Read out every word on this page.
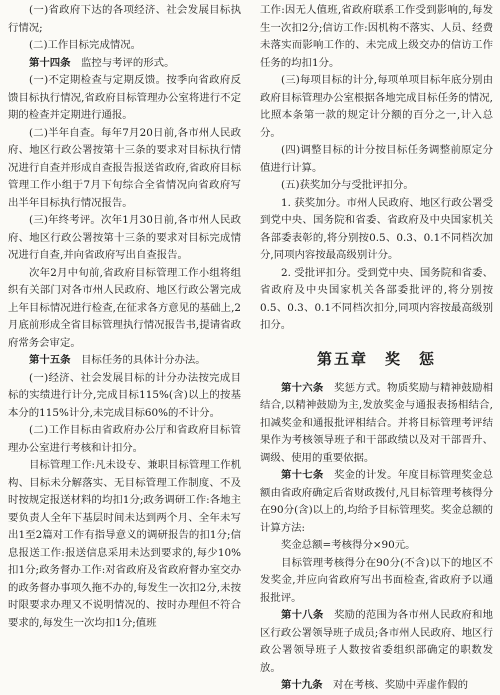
(一)省政府下达的各项经济、社会发展目标执行情况;

(二)工作目标完成情况。

第十四条　监控与考评的形式。

(一)不定期检查与定期反馈。按季向省政府反馈目标执行情况,省政府目标管理办公室将进行不定期的检查并定期进行通报。

(二)半年自查。每年7月20日前,各市州人民政府、地区行政公署按第十三条的要求对目标执行情况进行自查并形成自查报告报送省政府,省政府目标管理工作小组于7月下旬综合全省情况向省政府写出半年目标执行情况报告。

(三)年终考评。次年1月30日前,各市州人民政府、地区行政公署按第十三条的要求对目标完成情况进行自查,并向省政府写出自查报告。

次年2月中旬前,省政府目标管理工作小组将组织有关部门对各市州人民政府、地区行政公署完成上年目标情况进行检查,在征求各方意见的基础上,2月底前形成全省目标管理执行情况报告书,提请省政府常务会审定。

第十五条　目标任务的具体计分办法。

(一)经济、社会发展目标的计分办法按完成目标的实绩进行计分,完成目标115%(含)以上的按基本分的115%计分,未完成目标60%的不计分。

(二)工作目标由省政府办公厅和省政府目标管理办公室进行考核和计扣分。

目标管理工作:凡未设专、兼职目标管理工作机构、目标未分解落实、无目标管理工作制度、不及时按规定报送材料的均扣1分;政务调研工作:各地主要负责人全年下基层时间未达到两个月、全年未写出1至2篇对工作有指导意义的调研报告的扣1分;信息报送工作:报送信息采用未达到要求的,每少10%扣1分;政务督办工作:对省政府及省政府督办室交办的政务督办事项久拖不办的,每发生一次扣2分,未按时限要求办理又不说明情况的、按时办理但不符合要求的,每发生一次均扣1分;值班

工作:因无人值班,省政府联系工作受到影响的,每发生一次扣2分;信访工作:因机构不落实、人员、经费未落实而影响工作的、未完成上级交办的信访工作任务的均扣1分。

(三)每项目标的计分,每项单项目标年底分别由政府目标管理办公室根据各地完成目标任务的情况,比照本条第一款的规定计分额的百分之一,计入总分。

(四)调整目标的计分按目标任务调整前原定分值进行计算。

(五)获奖加分与受批评扣分。

1. 获奖加分。市州人民政府、地区行政公署受到党中央、国务院和省委、省政府及中央国家机关各部委表彰的,将分别按0.5、0.3、0.1不同档次加分,同项内容按最高级别计分。

2. 受批评扣分。受到党中央、国务院和省委、省政府及中央国家机关各部委批评的,将分别按0.5、0.3、0.1不同档次扣分,同项内容按最高级别扣分。

第五章　奖　惩

第十六条　奖惩方式。物质奖励与精神鼓励相结合,以精神鼓励为主,发放奖金与通报表扬相结合,扣减奖金和通报批评相结合。并将目标管理考评结果作为考核领导班子和干部政绩以及对干部晋升、调级、使用的重要依据。

第十七条　奖金的计发。年度目标管理奖金总额由省政府确定后省财政拨付,凡目标管理考核得分在90分(含)以上的,均给予目标管理奖。奖金总额的计算方法:

奖金总额=考核得分×90元。

目标管理考核得分在90分(不含)以下的地区不发奖金,并应向省政府写出书面检查,省政府予以通报批评。

第十八条　奖励的范围为各市州人民政府和地区行政公署领导班子成员;各市州人民政府、地区行政公署领导班子人数按省委组织部确定的职数发放。

第十九条　对在考核、奖励中弄虚作假的
